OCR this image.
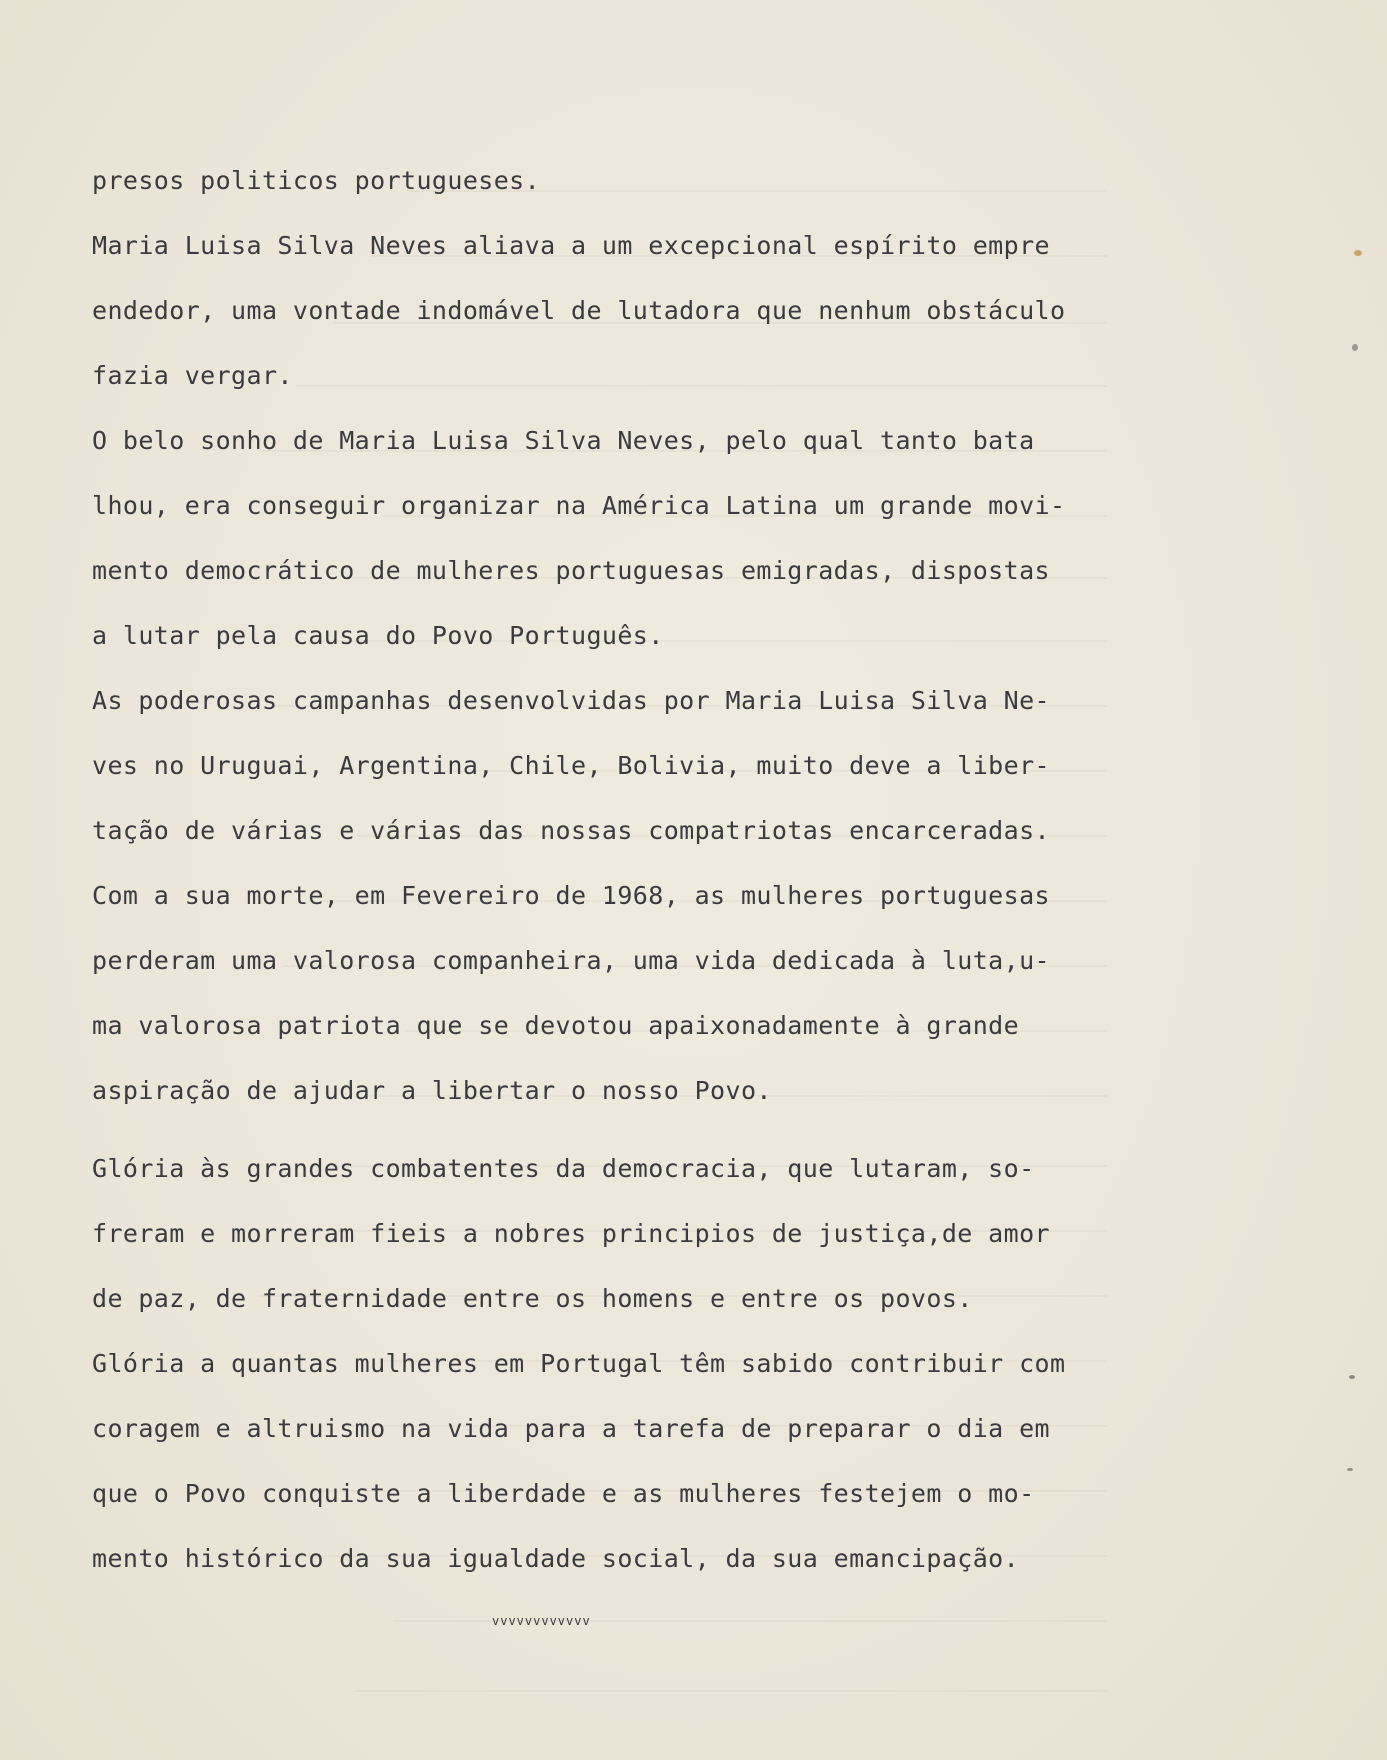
presos politicos portugueses.
Maria Luisa Silva Neves aliava a um excepcional espírito empre
endedor, uma vontade indomável de lutadora que nenhum obstáculo
fazia vergar.
O belo sonho de Maria Luisa Silva Neves, pelo qual tanto bata
lhou, era conseguir organizar na América Latina um grande movi-
mento democrático de mulheres portuguesas emigradas, dispostas
a lutar pela causa do Povo Português.
As poderosas campanhas desenvolvidas por Maria Luisa Silva Ne-
ves no Uruguai, Argentina, Chile, Bolivia, muito deve a liber-
tação de várias e várias das nossas compatriotas encarceradas.
Com a sua morte, em Fevereiro de 1968, as mulheres portuguesas
perderam uma valorosa companheira, uma vida dedicada à luta,u-
ma valorosa patriota que se devotou apaixonadamente à grande
aspiração de ajudar a libertar o nosso Povo.
Glória às grandes combatentes da democracia, que lutaram, so-
freram e morreram fieis a nobres principios de justiça,de amor
de paz, de fraternidade entre os homens e entre os povos.
Glória a quantas mulheres em Portugal têm sabido contribuir com
coragem e altruismo na vida para a tarefa de preparar o dia em
que o Povo conquiste a liberdade e as mulheres festejem o mo-
mento histórico da sua igualdade social, da sua emancipação.
vvvvvvvvvvvv
